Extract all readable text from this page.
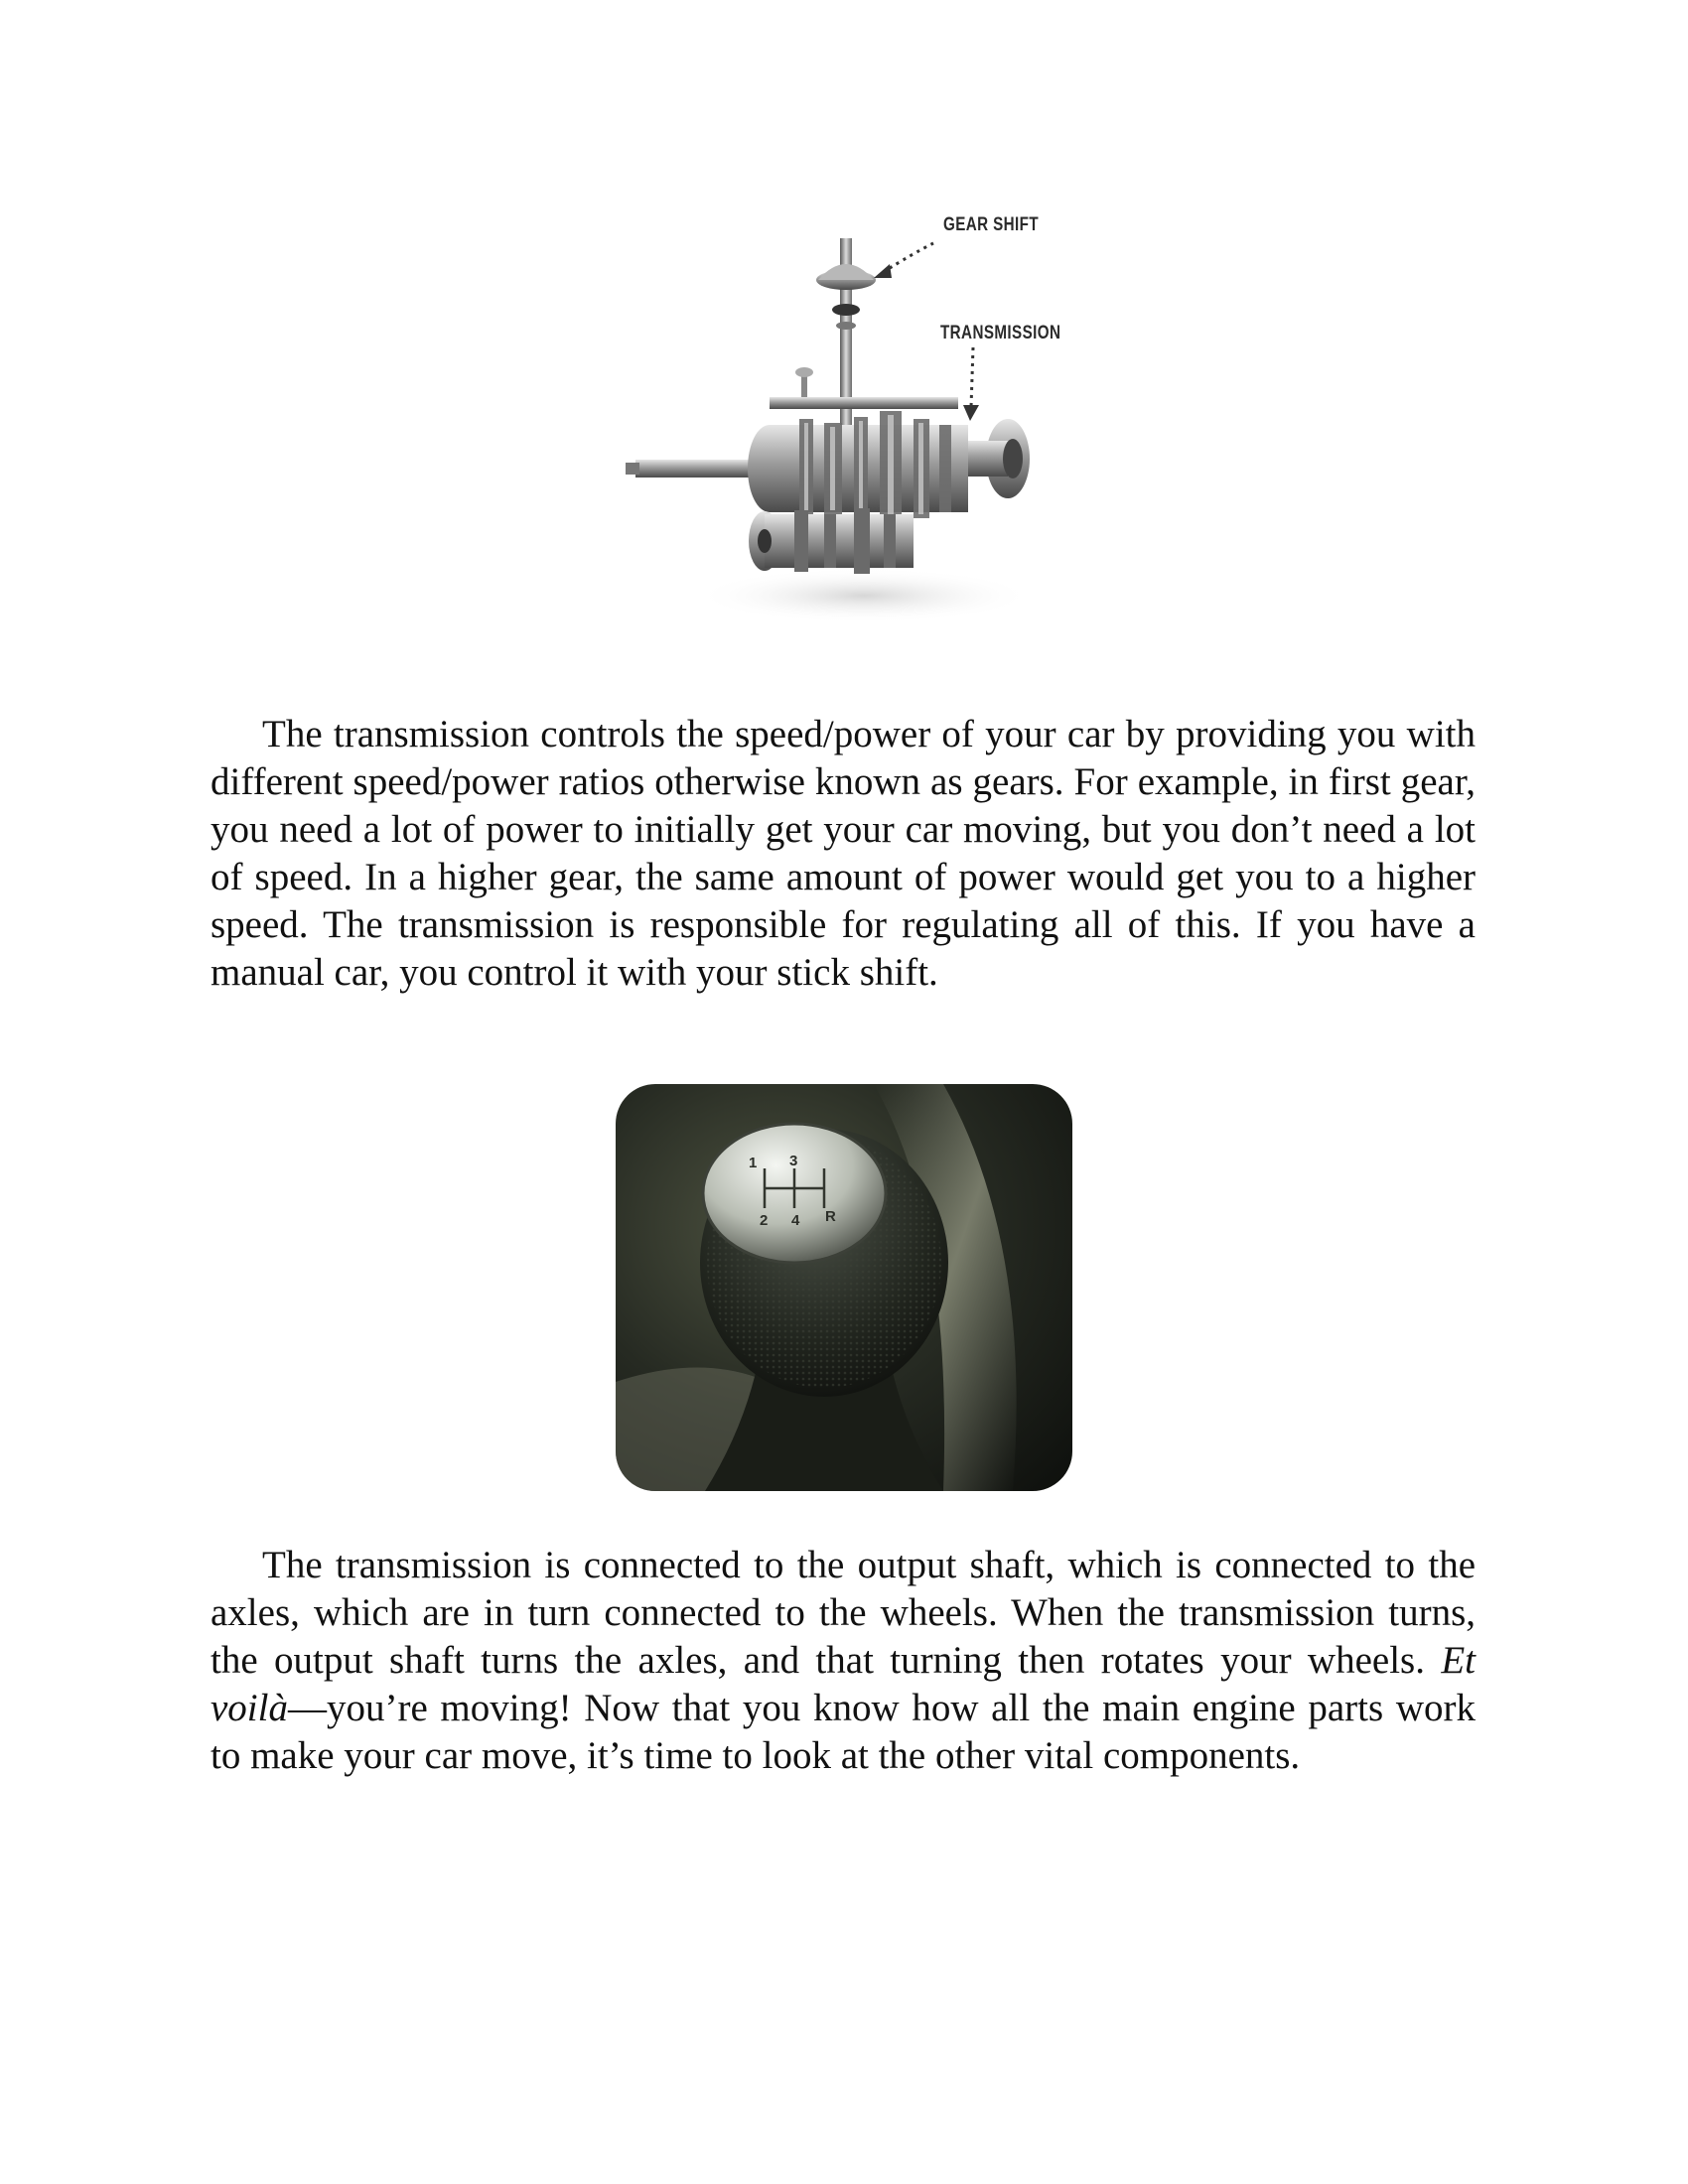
GEAR SHIFT
TRANSMISSION

The transmission controls the speed/power of your car by providing you with different speed/power ratios otherwise known as gears. For example, in first gear, you need a lot of power to initially get your car moving, but you don’t need a lot of speed. In a higher gear, the same amount of power would get you to a higher speed. The transmission is responsible for regulating all of this. If you have a manual car, you control it with your stick shift.

1
2
3
4 R

The transmission is connected to the output shaft, which is connected to the axles, which are in turn connected to the wheels. When the transmission turns, the output shaft turns the axles, and that turning then rotates your wheels. Et voilà—you’re moving! Now that you know how all the main engine parts work to make your car move, it’s time to look at the other vital components.
